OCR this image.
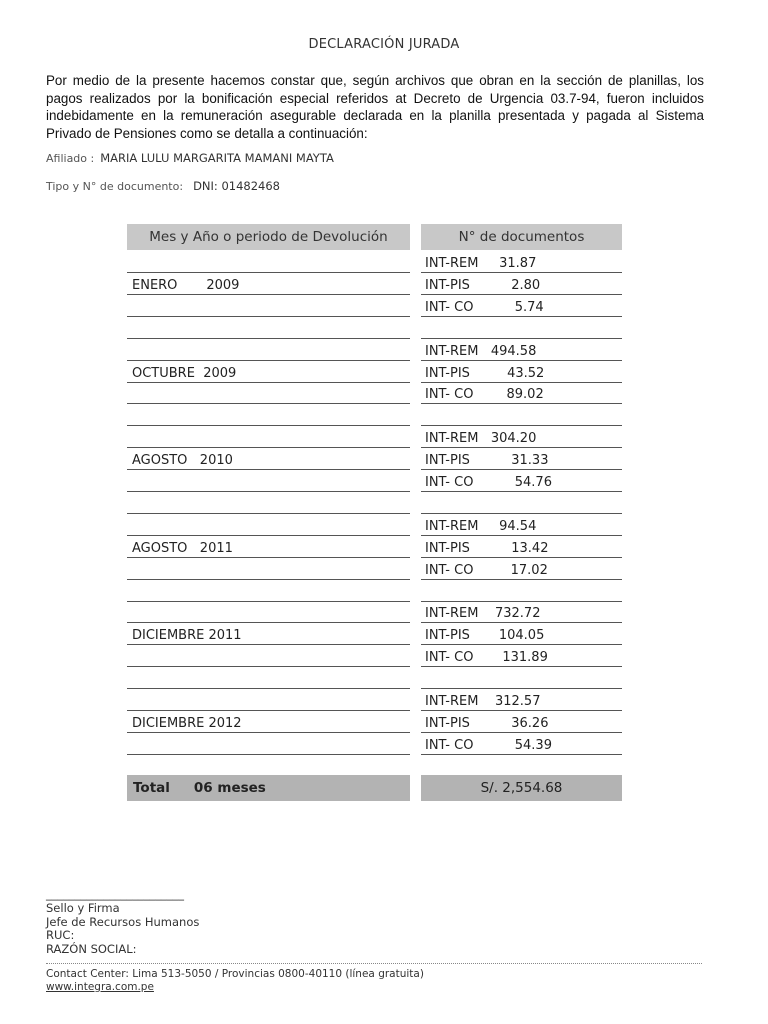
DECLARACIÓN JURADA
Por medio de la presente hacemos constar que, según archivos que obran en la sección de planillas, los pagos realizados por la bonificación especial referidos at Decreto de Urgencia 03.7-94, fueron incluidos indebidamente en la remuneración asegurable declarada en la planilla presentada y pagada al Sistema Privado de Pensiones como se detalla a continuación:
Afiliado : MARIA LULU MARGARITA MAMANI MAYTA
Tipo y N° de documento: DNI: 01482468
Mes y Año o periodo de Devolución	N° de documentos
INT-REM     31.87
INT-PIS          2.80
INT- CO          5.74
INT-REM   494.58
INT-PIS         43.52
INT- CO        89.02
INT-REM   304.20
INT-PIS          31.33
INT- CO          54.76
INT-REM     94.54
INT-PIS          13.42
INT- CO         17.02
INT-REM    732.72
INT-PIS       104.05
INT- CO       131.89
INT-REM    312.57
INT-PIS          36.26
INT- CO          54.39
ENERO       2009
OCTUBRE  2009
AGOSTO   2010
AGOSTO   2011
DICIEMBRE 2011
DICIEMBRE 2012
Total 06 meses	S/. 2,554.68
________________________
Sello y Firma
Jefe de Recursos Humanos
RUC:
RAZÓN SOCIAL:
Contact Center: Lima 513-5050 / Provincias 0800-40110 (línea gratuita)
www.integra.com.pe
